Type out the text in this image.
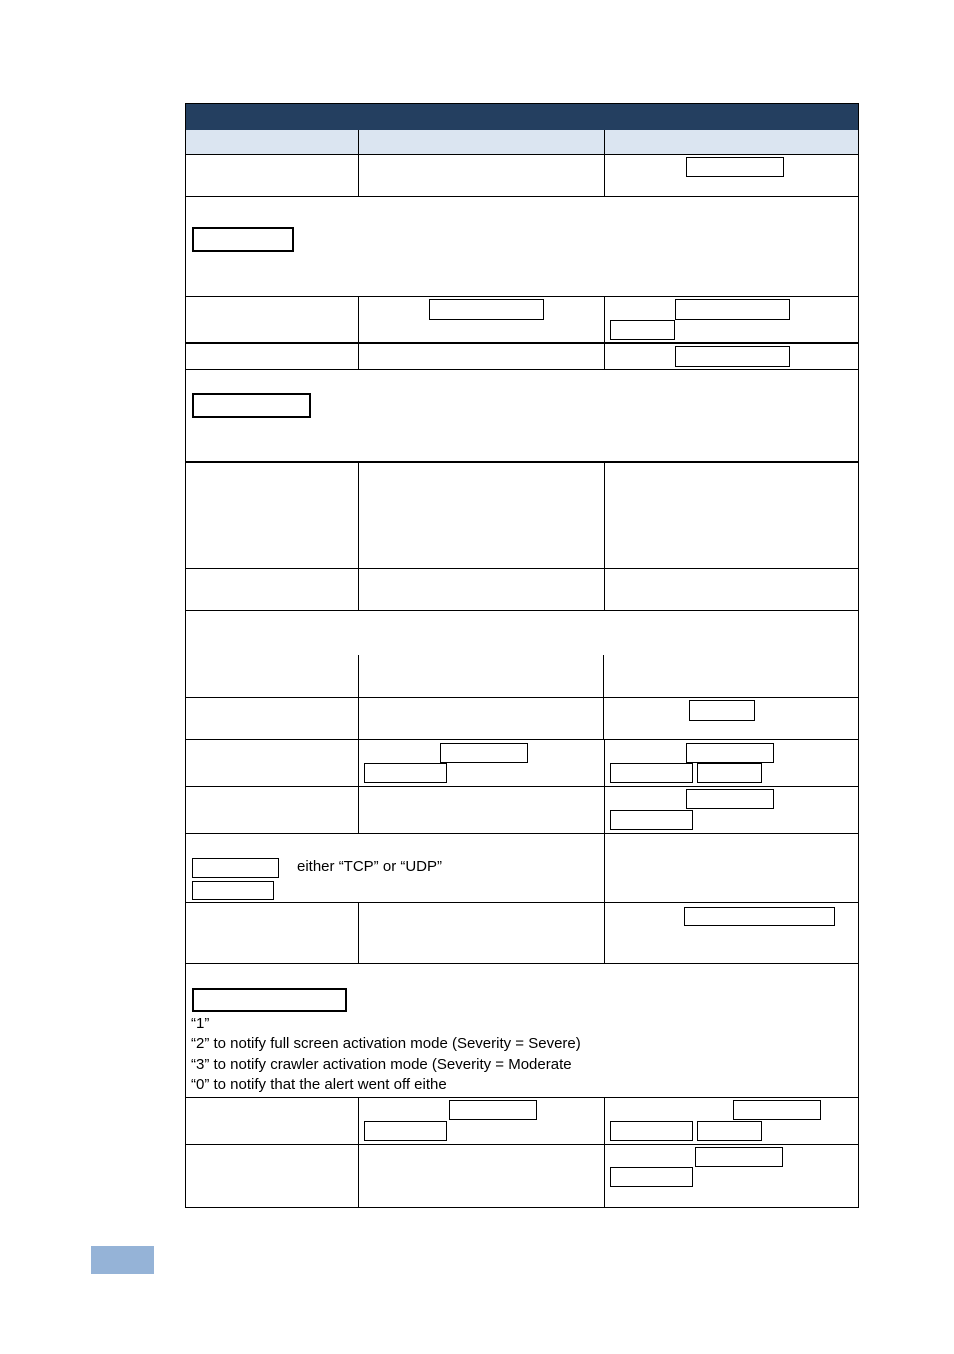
either “TCP” or “UDP”
“1”
“2” to notify full screen activation mode (Severity = Severe)
“3” to notify crawler activation mode (Severity = Moderate
“0” to notify that the alert went off eithe
